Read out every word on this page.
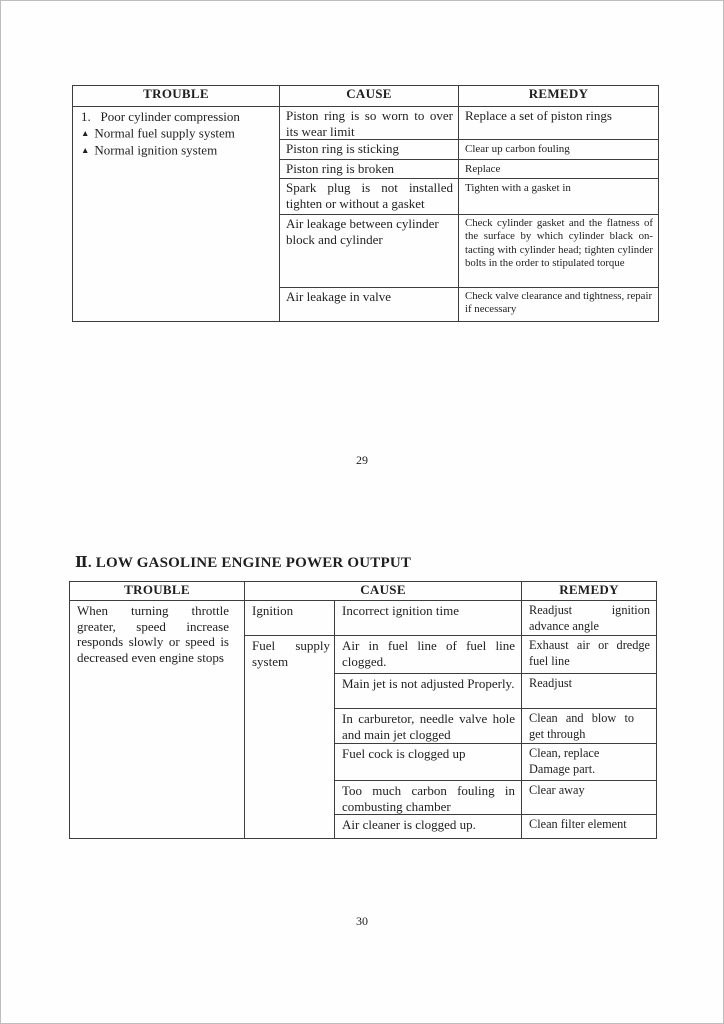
TROUBLE	CAUSE	REMEDY

1.   Poor cylinder compression
▲ Normal fuel supply system
▲ Normal ignition system	Piston ring is so worn to over its wear limit	Replace a set of piston rings
	Piston ring is sticking	Clear up carbon fouling
	Piston ring is broken	Replace
	Spark plug is not installed tighten or without a gasket	Tighten with a gasket in
	Air leakage between cylinder block and cylinder	Check cylinder gasket and the flatness of the surface by which cylinder black on-tacting with cylinder head; tighten cylinder bolts in the order to stipulated torque
	Air leakage in valve	Check valve clearance and tightness, repair if necessary
29
Ⅱ. LOW GASOLINE ENGINE POWER OUTPUT
TROUBLE	CAUSE		REMEDY

When turning throttle greater, speed increase responds slowly or speed is decreased even engine stops	Ignition	Incorrect ignition time	Readjust ignition advance angle

	Fuel supply system	Air in fuel line of fuel line clogged.	Exhaust air or dredge fuel line
		Main jet is not adjusted Properly.	Readjust
		In carburetor, needle valve hole and main jet clogged	Clean and blow to get through

		Fuel cock is clogged up	Clean, replace Damage part.

		Too much carbon fouling in combusting chamber	Clear away
		Air cleaner is clogged up.	Clean filter element
30
